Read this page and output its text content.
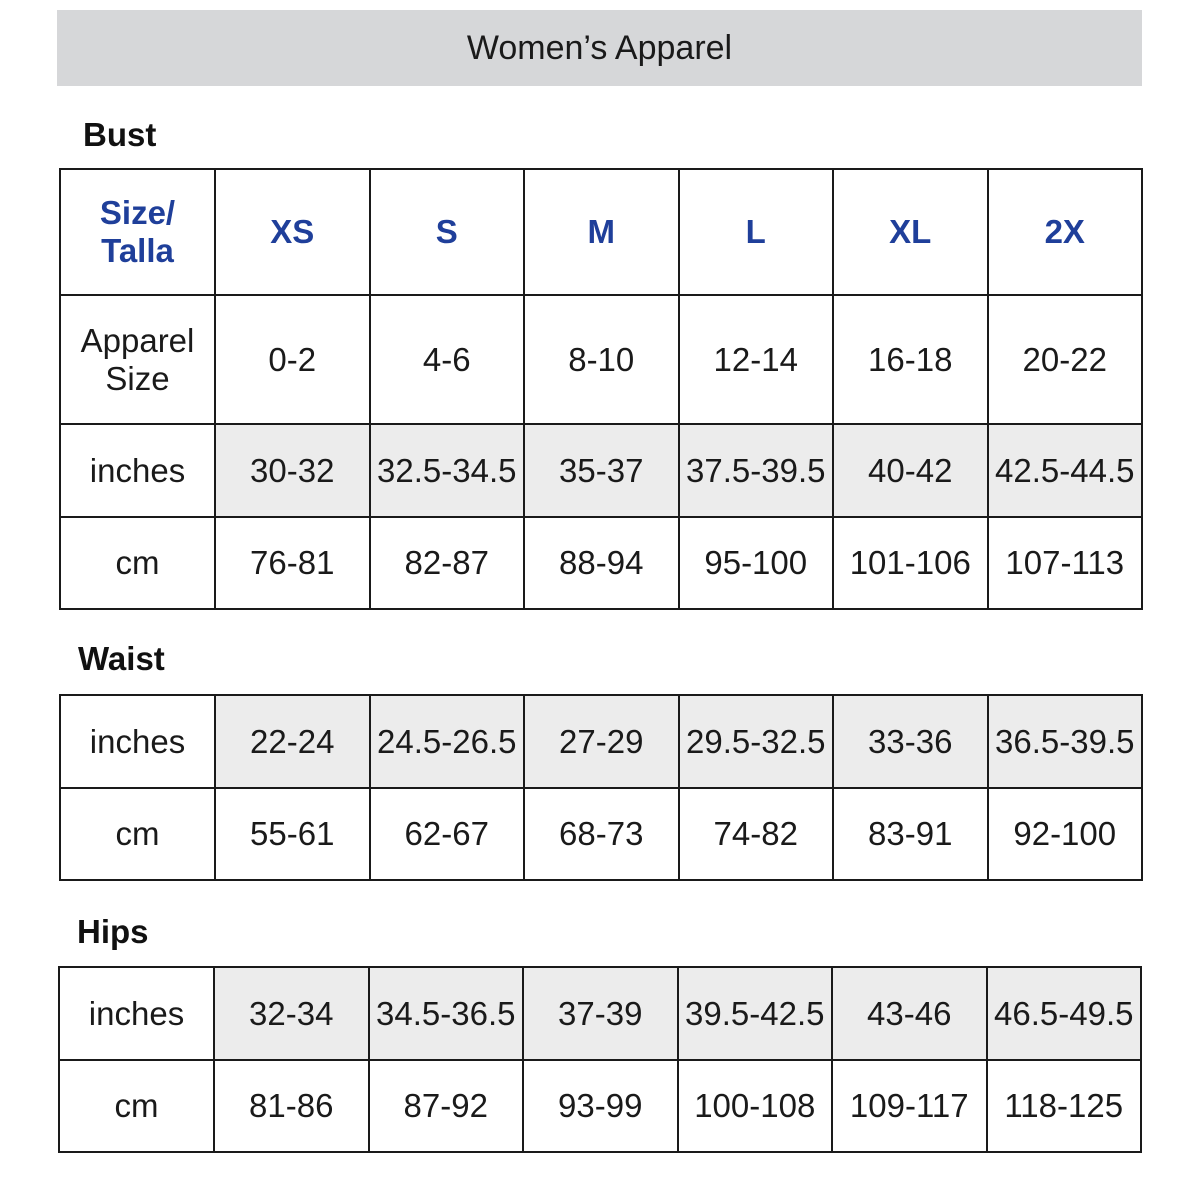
Women’s Apparel
Bust
Size/ Talla	XS	S	M	L	XL	2X
Apparel Size	0-2	4-6	8-10	12-14	16-18	20-22
inches	30-32	32.5-34.5	35-37	37.5-39.5	40-42	42.5-44.5
cm	76-81	82-87	88-94	95-100	101-106	107-113
Waist
inches	22-24	24.5-26.5	27-29	29.5-32.5	33-36	36.5-39.5
cm	55-61	62-67	68-73	74-82	83-91	92-100
Hips
inches	32-34	34.5-36.5	37-39	39.5-42.5	43-46	46.5-49.5
cm	81-86	87-92	93-99	100-108	109-117	118-125
